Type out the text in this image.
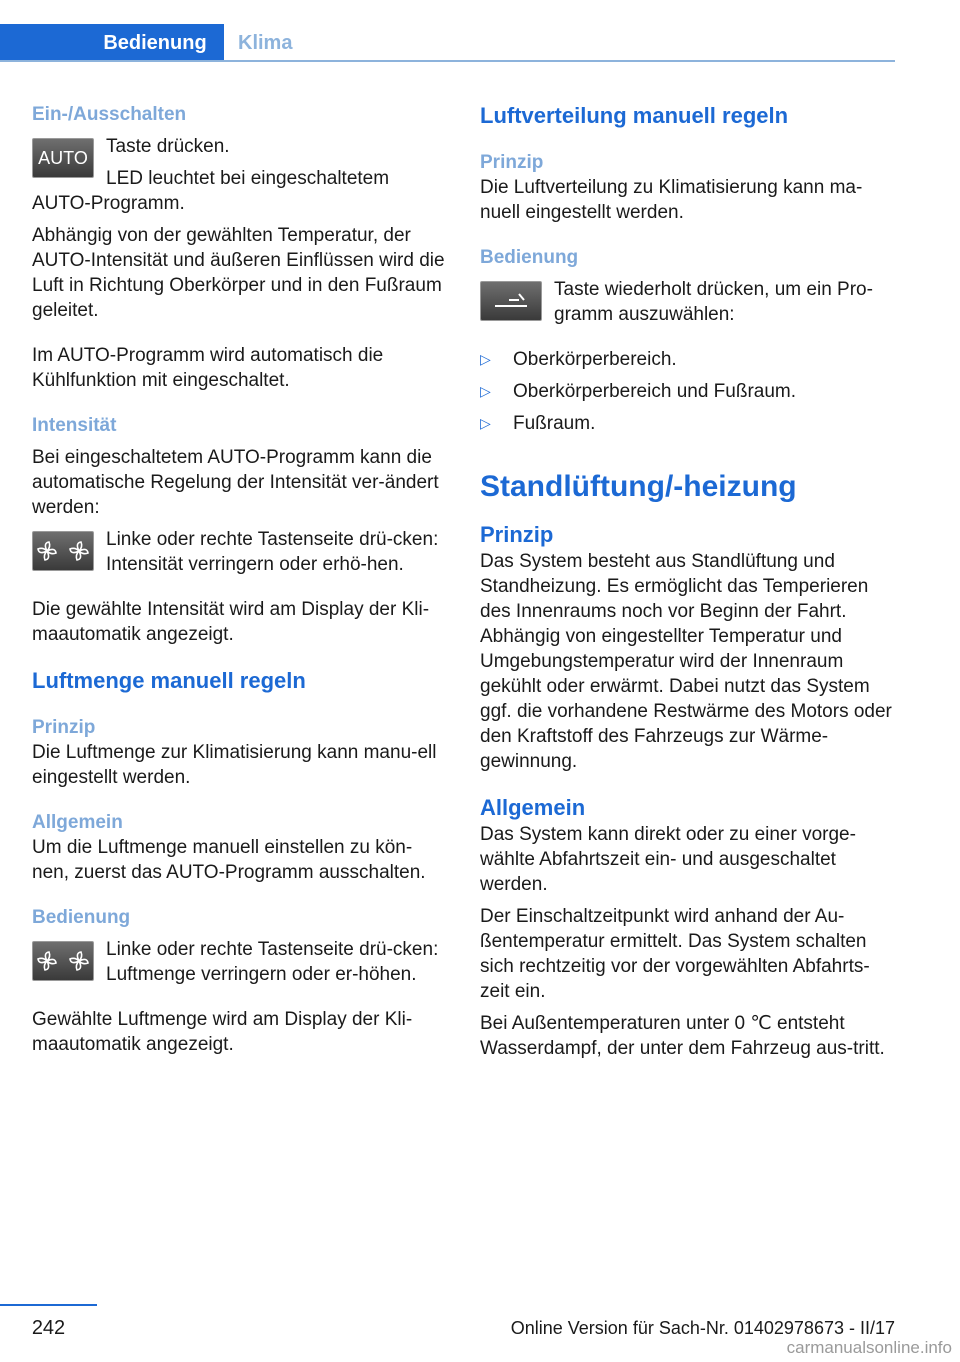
Bedienung	Klima
Ein-/Ausschalten
AUTO

Taste drücken.

LED leuchtet bei eingeschaltetem AUTO-Programm.

Abhängig von der gewählten Temperatur, der AUTO-Intensität und äußeren Einflüssen wird die Luft in Richtung Oberkörper und in den Fußraum geleitet.

Im AUTO-Programm wird automatisch die Kühlfunktion mit eingeschaltet.

Intensität

Bei eingeschaltetem AUTO-Programm kann die automatische Regelung der Intensität ver-ändert werden:

Linke oder rechte Tastenseite drü-cken: Intensität verringern oder erhö-hen.

Die gewählte Intensität wird am Display der Kli-maautomatik angezeigt.

Luftmenge manuell regeln
Prinzip

Die Luftmenge zur Klimatisierung kann manu-ell eingestellt werden.

Allgemein

Um die Luftmenge manuell einstellen zu kön-nen, zuerst das AUTO-Programm ausschalten.

Bedienung

Linke oder rechte Tastenseite drü-cken: Luftmenge verringern oder er-höhen.

Gewählte Luftmenge wird am Display der Kli-maautomatik angezeigt.

Luftverteilung manuell regeln
Prinzip

Die Luftverteilung zu Klimatisierung kann ma-nuell eingestellt werden.

Bedienung

Taste wiederholt drücken, um ein Pro-gramm auszuwählen:

▷ Oberkörperbereich.
▷ Oberkörperbereich und Fußraum.
▷ Fußraum.
Standlüftung/-heizung
Prinzip

Das System besteht aus Standlüftung und Standheizung. Es ermöglicht das Temperieren des Innenraums noch vor Beginn der Fahrt. Abhängig von eingestellter Temperatur und Umgebungstemperatur wird der Innenraum gekühlt oder erwärmt. Dabei nutzt das System ggf. die vorhandene Restwärme des Motors oder den Kraftstoff des Fahrzeugs zur Wärme-gewinnung.

Allgemein

Das System kann direkt oder zu einer vorge-wählte Abfahrtszeit ein- und ausgeschaltet werden.

Der Einschaltzeitpunkt wird anhand der Au-ßentemperatur ermittelt. Das System schalten sich rechtzeitig vor der vorgewählten Abfahrts-zeit ein.

Bei Außentemperaturen unter 0 ℃ entsteht Wasserdampf, der unter dem Fahrzeug aus-tritt.

242	Online Version für Sach-Nr. 01402978673 - II/17
carmanualsonline.info
